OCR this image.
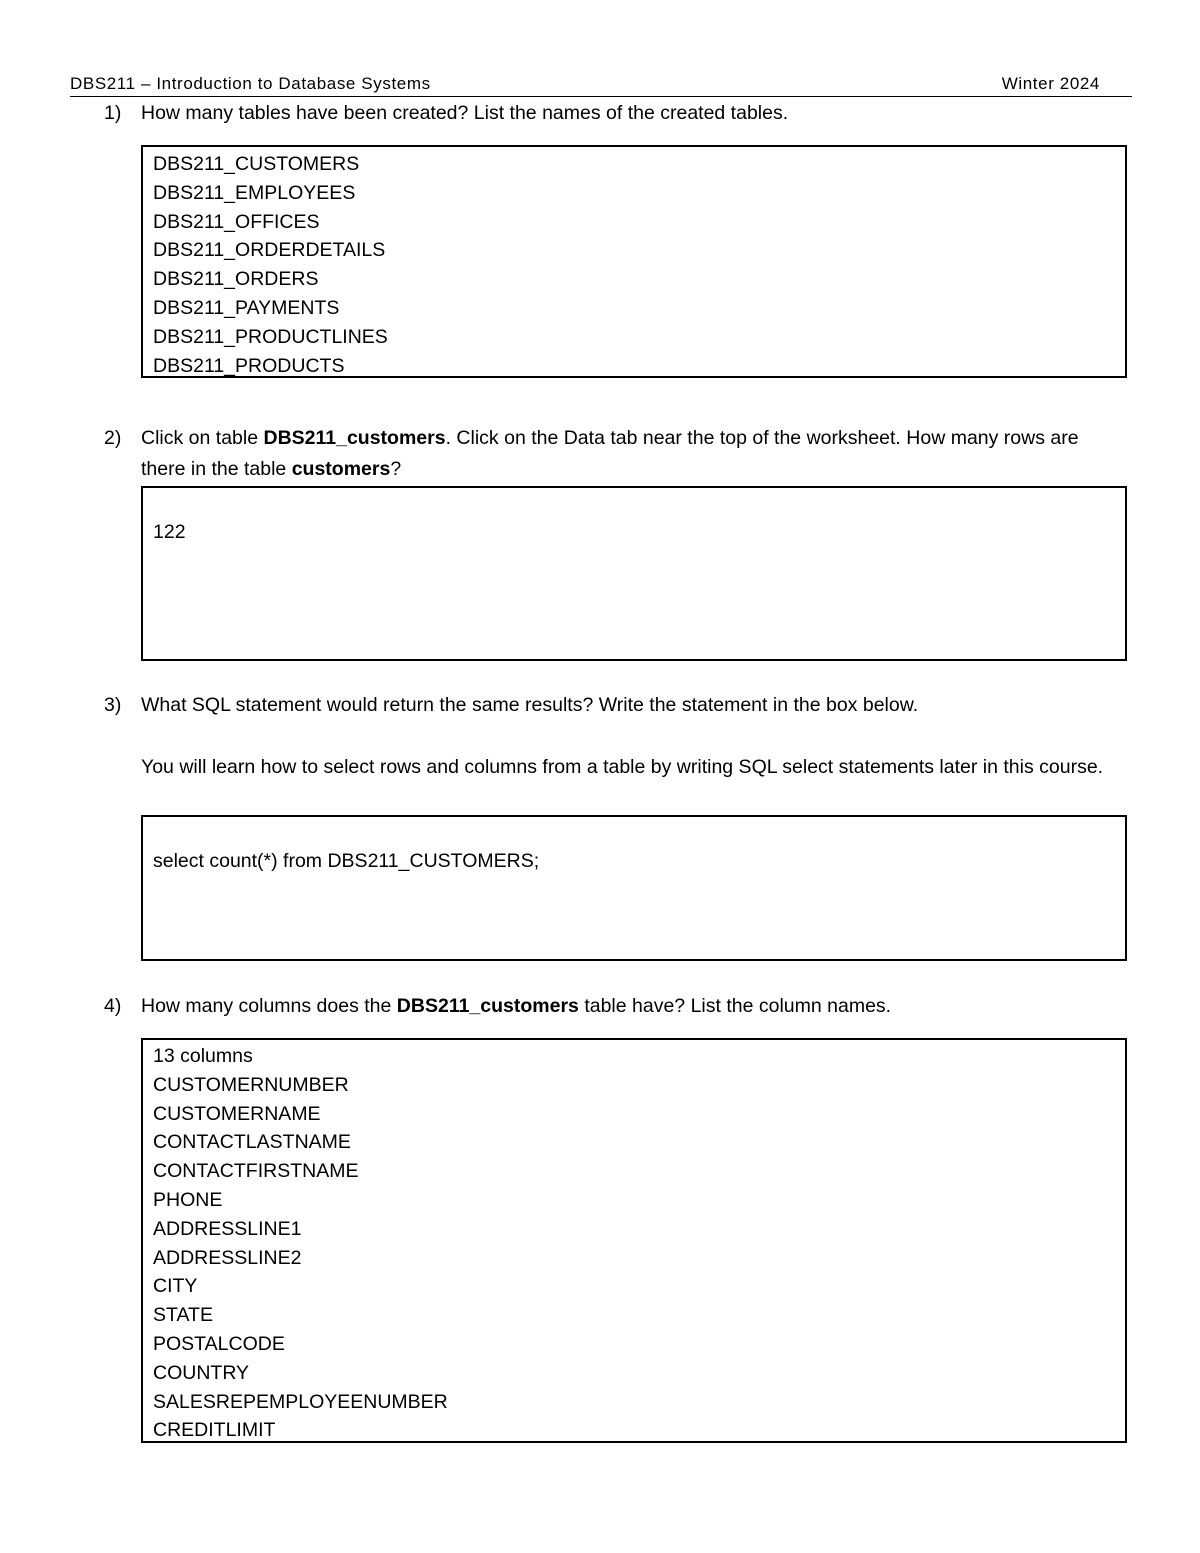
DBS211 – Introduction to Database Systems	Winter 2024
1) How many tables have been created? List the names of the created tables.
DBS211_CUSTOMERS
DBS211_EMPLOYEES
DBS211_OFFICES
DBS211_ORDERDETAILS
DBS211_ORDERS
DBS211_PAYMENTS
DBS211_PRODUCTLINES
DBS211_PRODUCTS
2) Click on table DBS211_customers. Click on the Data tab near the top of the worksheet. How many rows are there in the table customers?
122
3) What SQL statement would return the same results? Write the statement in the box below.

You will learn how to select rows and columns from a table by writing SQL select statements later in this course.

select count(*) from DBS211_CUSTOMERS;
4) How many columns does the DBS211_customers table have? List the column names.
13 columns
CUSTOMERNUMBER
CUSTOMERNAME
CONTACTLASTNAME
CONTACTFIRSTNAME
PHONE
ADDRESSLINE1
ADDRESSLINE2
CITY
STATE
POSTALCODE
COUNTRY
SALESREPEMPLOYEENUMBER
CREDITLIMIT
